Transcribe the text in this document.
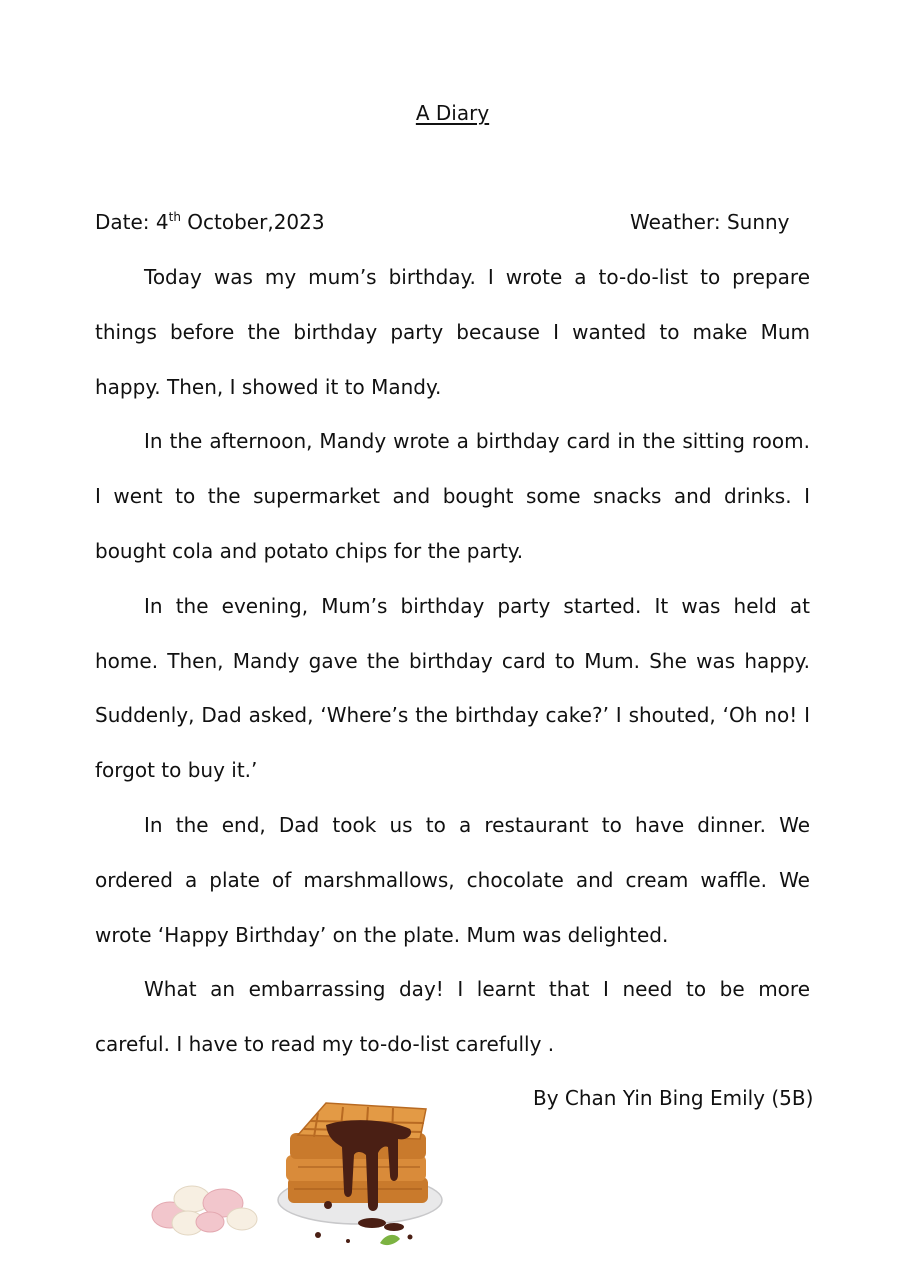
A Diary
Date: 4th October,2023	Weather: Sunny

Today was my mum’s birthday. I wrote a to-do-list to prepare things before the birthday party because I wanted to make Mum happy. Then, I showed it to Mandy.

In the afternoon, Mandy wrote a birthday card in the sitting room. I went to the supermarket and bought some snacks and drinks. I bought cola and potato chips for the party.

In the evening, Mum’s birthday party started. It was held at home. Then, Mandy gave the birthday card to Mum. She was happy. Suddenly, Dad asked, ‘Where’s the birthday cake?’ I shouted, ‘Oh no! I forgot to buy it.’

In the end, Dad took us to a restaurant to have dinner. We ordered a plate of marshmallows, chocolate and cream waffle. We wrote ‘Happy Birthday’ on the plate. Mum was delighted.

What an embarrassing day! I learnt that I need to be more careful. I have to read my to-do-list carefully .

By Chan Yin Bing Emily (5B)
